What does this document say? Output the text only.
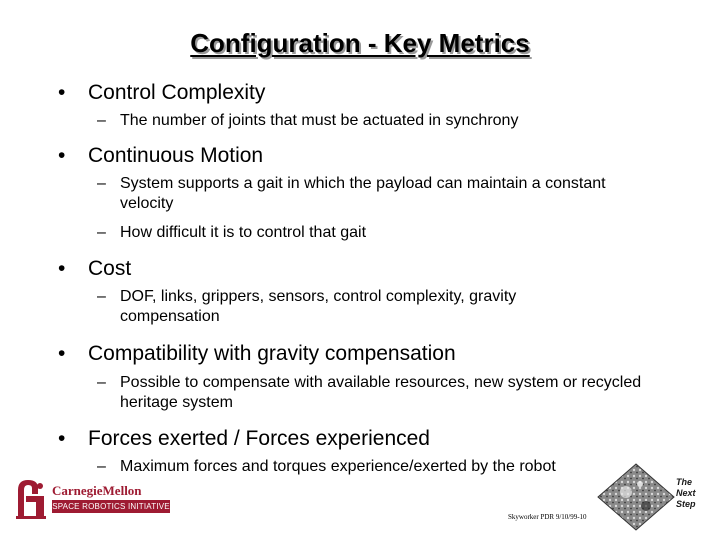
Configuration - Key Metrics
• Control Complexity
– The number of joints that must be actuated in synchrony
• Continuous Motion
– System supports a gait in which the payload can maintain a constant velocity
– How difficult it is to control that gait
• Cost
– DOF, links, grippers, sensors, control complexity, gravity compensation
• Compatibility with gravity compensation
– Possible to compensate with available resources, new system or recycled heritage system
• Forces exerted / Forces experienced
– Maximum forces and torques experience/exerted by the robot
CarnegieMellon
SPACE ROBOTICS INITIATIVE
Skyworker PDR 9/10/99-10
The
Next
Step
